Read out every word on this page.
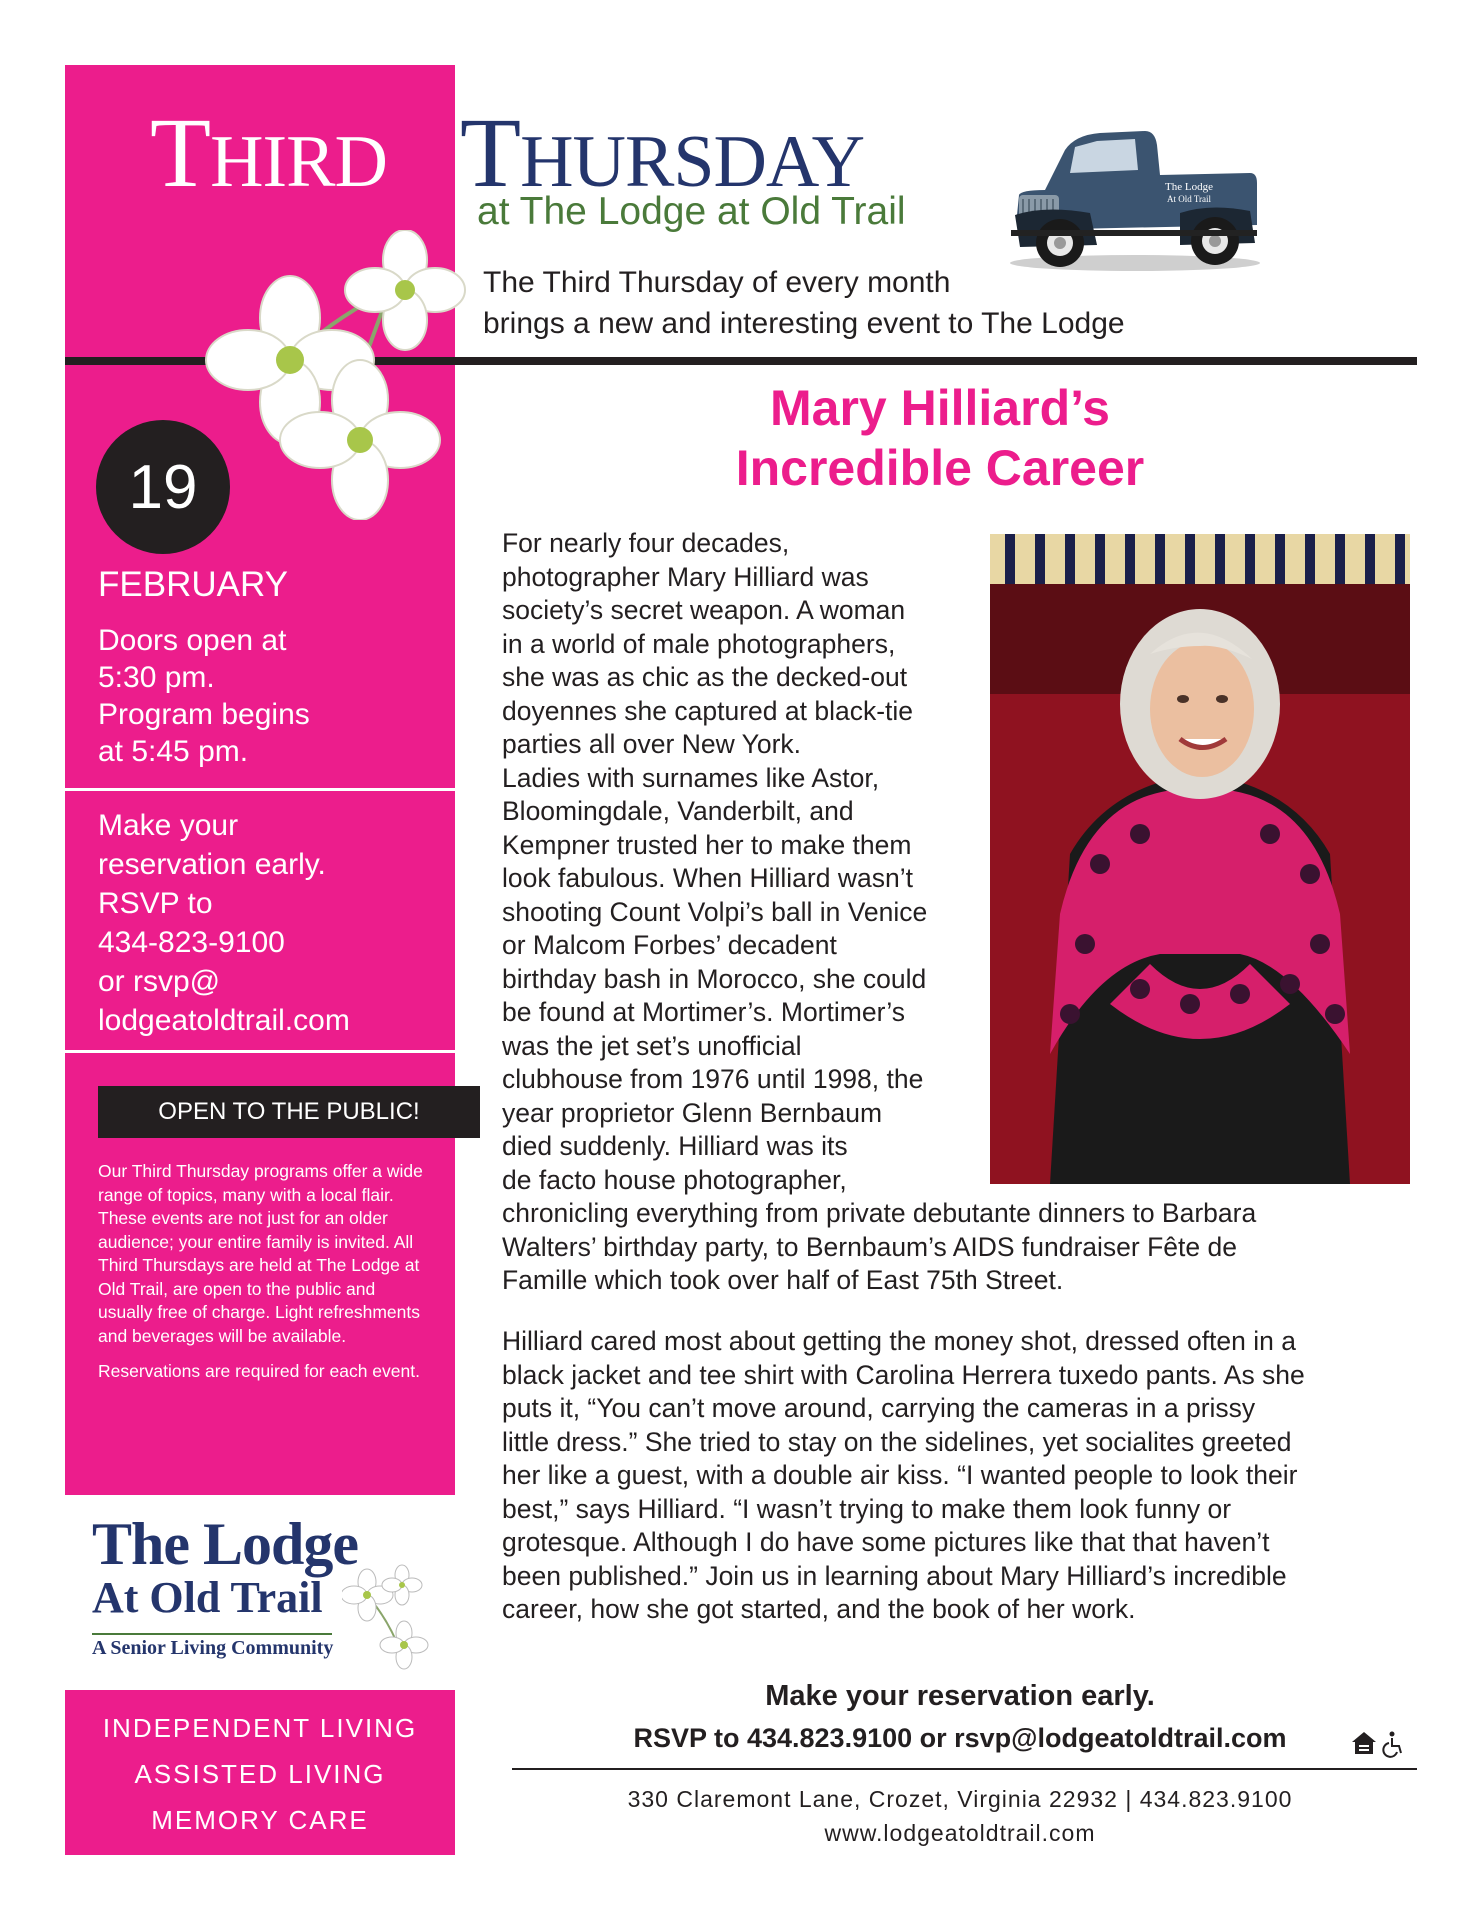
THIRD THURSDAY
at The Lodge at Old Trail
The Lodge
At Old Trail
The Third Thursday of every month
brings a new and interesting event to The Lodge
19
FEBRUARY
Doors open at
5:30 pm.
Program begins
at 5:45 pm.
Make your
reservation early.
RSVP to
434-823-9100
or rsvp@
lodgeatoldtrail.com
OPEN TO THE PUBLIC!

Our Third Thursday programs offer a wide range of topics, many with a local flair. These events are not just for an older audience; your entire family is invited. All Third Thursdays are held at The Lodge at Old Trail, are open to the public and usually free of charge. Light refreshments and beverages will be available.

Reservations are required for each event.

The Lodge
At Old Trail
A Senior Living Community
INDEPENDENT LIVING
ASSISTED LIVING
MEMORY CARE
Mary Hilliard’s
Incredible Career
For nearly four decades,
photographer Mary Hilliard was
society’s secret weapon. A woman
in a world of male photographers,
she was as chic as the decked-out
doyennes she captured at black-tie
parties all over New York.
Ladies with surnames like Astor,
Bloomingdale, Vanderbilt, and
Kempner trusted her to make them
look fabulous. When Hilliard wasn’t
shooting Count Volpi’s ball in Venice
or Malcom Forbes’ decadent
birthday bash in Morocco, she could
be found at Mortimer’s. Mortimer’s
was the jet set’s unofficial
clubhouse from 1976 until 1998, the
year proprietor Glenn Bernbaum
died suddenly. Hilliard was its
de facto house photographer,
chronicling everything from private debutante dinners to Barbara
Walters’ birthday party, to Bernbaum’s AIDS fundraiser Fête de
Famille which took over half of East 75th Street.
Hilliard cared most about getting the money shot, dressed often in a
black jacket and tee shirt with Carolina Herrera tuxedo pants. As she
puts it, “You can’t move around, carrying the cameras in a prissy
little dress.” She tried to stay on the sidelines, yet socialites greeted
her like a guest, with a double air kiss. “I wanted people to look their
best,” says Hilliard. “I wasn’t trying to make them look funny or
grotesque. Although I do have some pictures like that that haven’t
been published.” Join us in learning about Mary Hilliard’s incredible
career, how she got started, and the book of her work.
Make your reservation early.
RSVP to 434.823.9100 or rsvp@lodgeatoldtrail.com
330 Claremont Lane, Crozet, Virginia 22932 | 434.823.9100
www.lodgeatoldtrail.com
